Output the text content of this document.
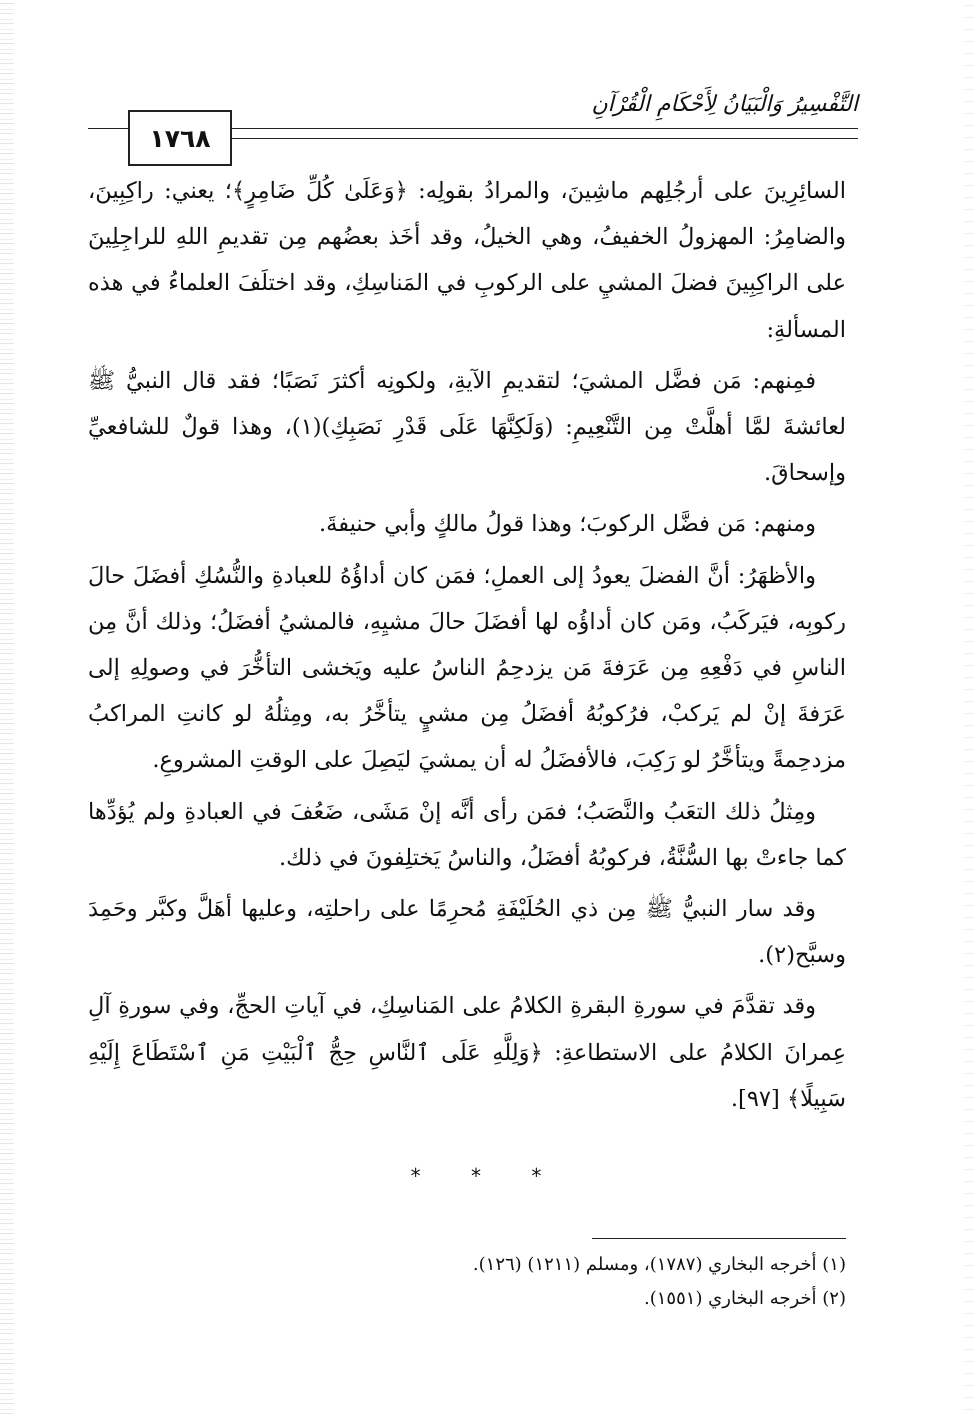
التَّفْسِيرُ وَالْبَيَانُ لِأَحْكَامِ الْقُرْآنِ
١٧٦٨

السائِرِينَ على أرجُلِهم ماشِينَ، والمرادُ بقولِه: ﴿وَعَلَىٰ كُلِّ ضَامِرٍ﴾؛ يعني: راكِبِينَ، والضامِرُ: المهزولُ الخفيفُ، وهي الخيلُ، وقد أخَذ بعضُهم مِن تقديمِ اللهِ للراجِلِينَ على الراكِبِينَ فضلَ المشيِ على الركوبِ في المَناسِكِ، وقد اختلَفَ العلماءُ في هذه المسألةِ:

فمِنهم: مَن فضَّل المشيَ؛ لتقديمِ الآيةِ، ولكونِه أكثرَ نَصَبًا؛ فقد قال النبيُّ ﷺ لعائشةَ لمَّا أهلَّتْ مِن التَّنْعِيمِ: (وَلَكِنَّهَا عَلَى قَدْرِ نَصَبِكِ)(١)، وهذا قولٌ للشافعيِّ وإسحاقَ.

ومنهم: مَن فضَّل الركوبَ؛ وهذا قولُ مالكٍ وأبي حنيفةَ.

والأظهَرُ: أنَّ الفضلَ يعودُ إلى العملِ؛ فمَن كان أداؤُهُ للعبادةِ والنُّسُكِ أفضَلَ حالَ ركوبِه، فيَركَبُ، ومَن كان أداؤُه لها أفضَلَ حالَ مشيِهِ، فالمشيُ أفضَلُ؛ وذلك أنَّ مِن الناسِ في دَفْعِهِ مِن عَرَفةَ مَن يزدحِمُ الناسُ عليه ويَخشى التأخُّرَ في وصولِهِ إلى عَرَفةَ إنْ لم يَركبْ، فرُكوبُهُ أفضَلُ مِن مشيٍ يتأخَّرُ به، ومِثلُهُ لو كانتِ المراكبُ مزدحِمةً ويتأخَّرُ لو رَكِبَ، فالأفضَلُ له أن يمشيَ ليَصِلَ على الوقتِ المشروعِ.

ومِثلُ ذلك التعَبُ والنَّصَبُ؛ فمَن رأى أنَّه إنْ مَشَى، ضَعُفَ في العبادةِ ولم يُؤدِّها كما جاءتْ بها السُّنَّةُ، فركوبُهُ أفضَلُ، والناسُ يَختلِفونَ في ذلك.

وقد سار النبيُّ ﷺ مِن ذي الحُلَيْفَةِ مُحرِمًا على راحلتِه، وعليها أهَلَّ وكبَّر وحَمِدَ وسبَّح(٢).

وقد تقدَّمَ في سورةِ البقرةِ الكلامُ على المَناسِكِ، في آياتِ الحجِّ، وفي سورةِ آلِ عِمرانَ الكلامُ على الاستطاعةِ: ﴿وَلِلَّهِ عَلَى ٱلنَّاسِ حِجُّ ٱلْبَيْتِ مَنِ ٱسْتَطَاعَ إِلَيْهِ سَبِيلًا﴾ [٩٧].

* * *

(١) أخرجه البخاري (١٧٨٧)، ومسلم (١٢١١) (١٢٦).

(٢) أخرجه البخاري (١٥٥١).
